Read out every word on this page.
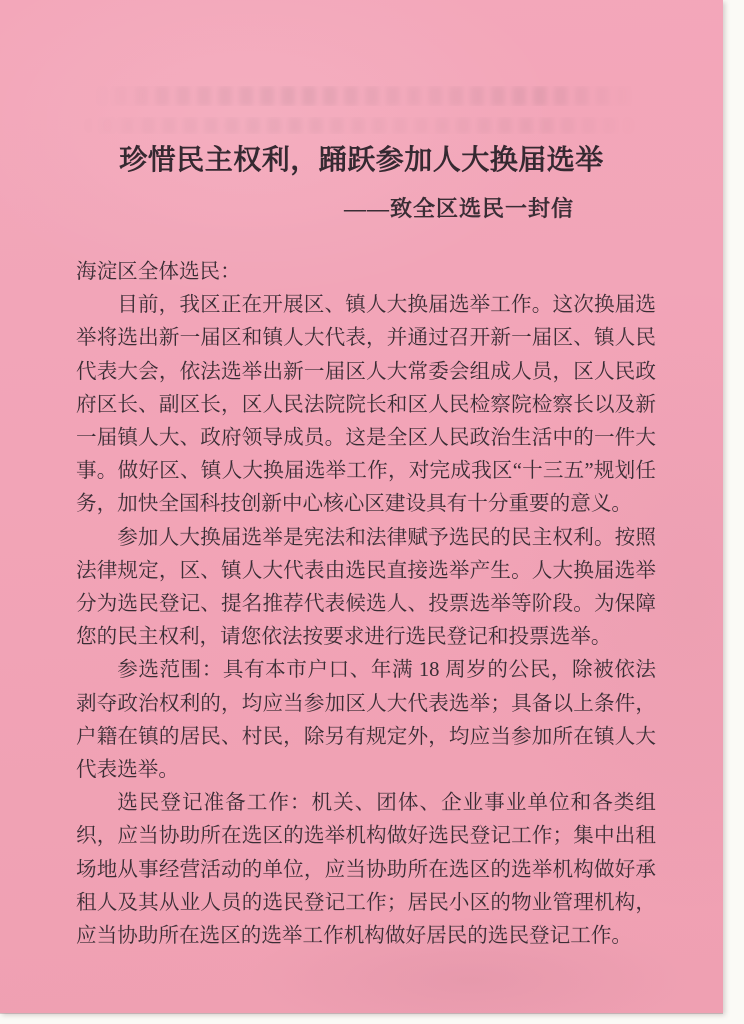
珍惜民主权利，踊跃参加人大换届选举
——致全区选民一封信

海淀区全体选民：

目前，我区正在开展区、镇人大换届选举工作。这次换届选举将选出新一届区和镇人大代表，并通过召开新一届区、镇人民代表大会，依法选举出新一届区人大常委会组成人员，区人民政府区长、副区长，区人民法院院长和区人民检察院检察长以及新一届镇人大、政府领导成员。这是全区人民政治生活中的一件大事。做好区、镇人大换届选举工作，对完成我区“十三五”规划任务，加快全国科技创新中心核心区建设具有十分重要的意义。

参加人大换届选举是宪法和法律赋予选民的民主权利。按照法律规定，区、镇人大代表由选民直接选举产生。人大换届选举分为选民登记、提名推荐代表候选人、投票选举等阶段。为保障您的民主权利，请您依法按要求进行选民登记和投票选举。

参选范围：具有本市户口、年满 18 周岁的公民，除被依法剥夺政治权利的，均应当参加区人大代表选举；具备以上条件，户籍在镇的居民、村民，除另有规定外，均应当参加所在镇人大代表选举。

选民登记准备工作：机关、团体、企业事业单位和各类组织，应当协助所在选区的选举机构做好选民登记工作；集中出租场地从事经营活动的单位，应当协助所在选区的选举机构做好承租人及其从业人员的选民登记工作；居民小区的物业管理机构，应当协助所在选区的选举工作机构做好居民的选民登记工作。
